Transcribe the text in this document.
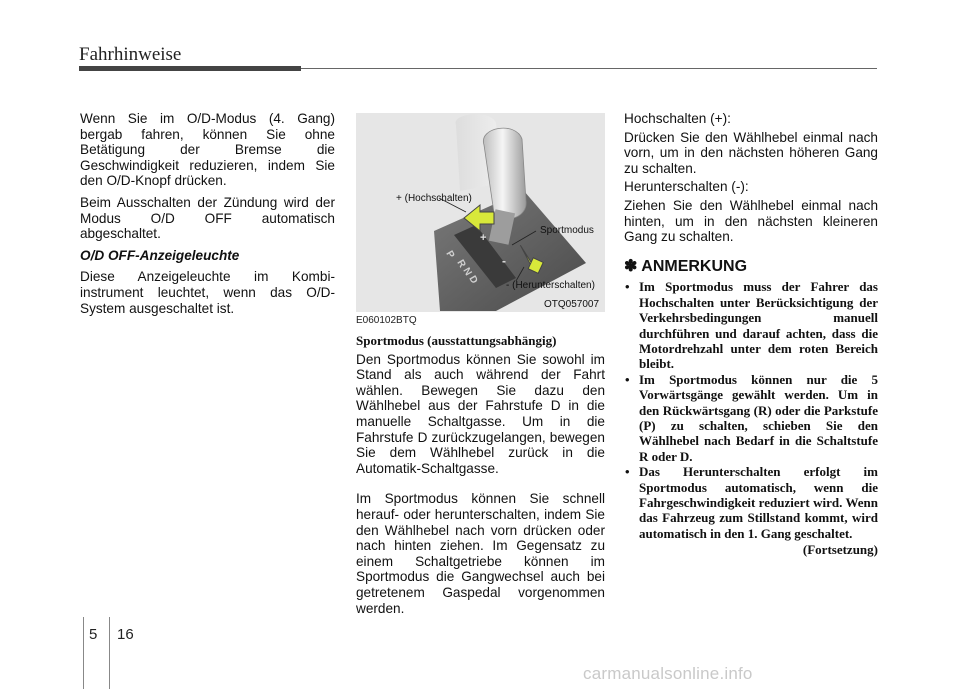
Fahrhinweise

Wenn Sie im O/D-Modus (4. Gang) bergab fahren, können Sie ohne Betätigung der Bremse die Geschwindigkeit reduzieren, indem Sie den O/D-Knopf drücken.

Beim Ausschalten der Zündung wird der Modus O/D OFF automatisch abgeschaltet.

O/D OFF-Anzeigeleuchte

Diese Anzeigeleuchte im Kombi-instrument leuchtet, wenn das O/D-System ausgeschaltet ist.

P
R
N
D
+
-
+ (Hochschalten)
Sportmodus
- (Herunterschalten)
OTQ057007
E060102BTQ

Sportmodus (ausstattungsabhängig)

Den Sportmodus können Sie sowohl im Stand als auch während der Fahrt wählen. Bewegen Sie dazu den Wählhebel aus der Fahrstufe D in die manuelle Schaltgasse. Um in die Fahrstufe D zurückzugelangen, bewegen Sie dem Wählhebel zurück in die Automatik-Schaltgasse.

Im Sportmodus können Sie schnell herauf- oder herunterschalten, indem Sie den Wählhebel nach vorn drücken oder nach hinten ziehen. Im Gegensatz zu einem Schaltgetriebe können im Sportmodus die Gangwechsel auch bei getretenem Gaspedal vorgenommen werden.

Hochschalten (+):

Drücken Sie den Wählhebel einmal nach vorn, um in den nächsten höheren Gang zu schalten.

Herunterschalten (-):

Ziehen Sie den Wählhebel einmal nach hinten, um in den nächsten kleineren Gang zu schalten.

✽ ANMERKUNG
• Im Sportmodus muss der Fahrer das Hochschalten unter Berücksichtigung der Verkehrsbedingungen manuell durchführen und darauf achten, dass die Motordrehzahl unter dem roten Bereich bleibt.
• Im Sportmodus können nur die 5 Vorwärtsgänge gewählt werden. Um in den Rückwärtsgang (R) oder die Parkstufe (P) zu schalten, schieben Sie den Wählhebel nach Bedarf in die Schaltstufe R oder D.
• Das Herunterschalten erfolgt im Sportmodus automatisch, wenn die Fahrgeschwindigkeit reduziert wird. Wenn das Fahrzeug zum Stillstand kommt, wird automatisch in den 1. Gang geschaltet.
(Fortsetzung)
5 16
carmanualsonline.info
